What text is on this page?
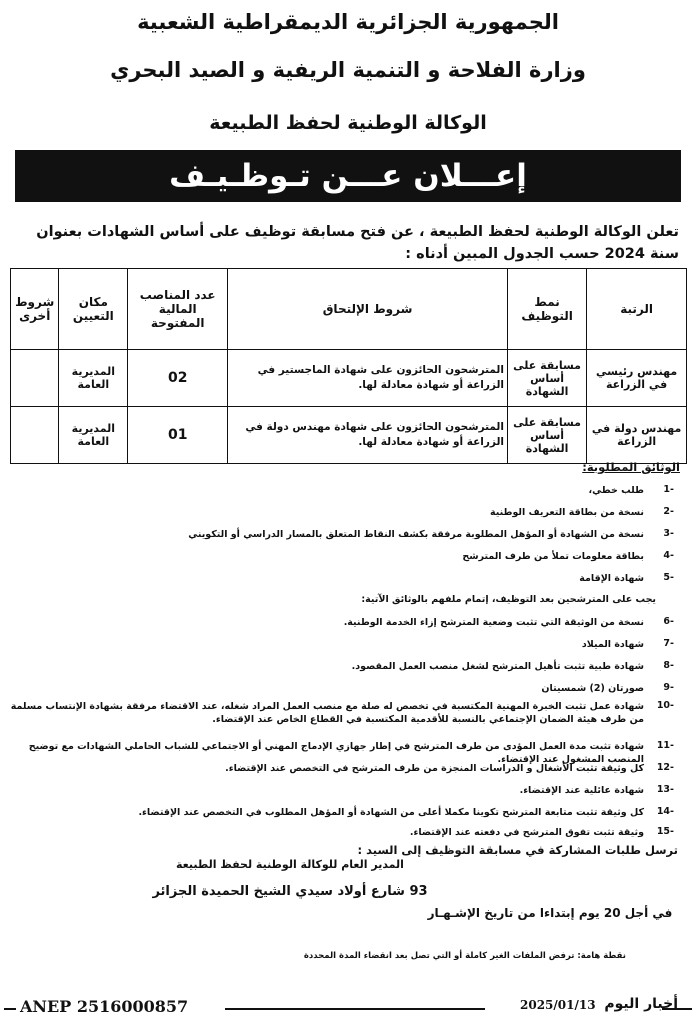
الجمهورية الجزائرية الديمقراطية الشعبية
وزارة الفلاحة و التنمية الريفية و الصيد البحري
الوكالة الوطنية لحفظ الطبيعة
إعـــلان عـــن تـوظـيـف
تعلن الوكالة الوطنية لحفظ الطبيعة ، عن فتح مسابقة توظيف على أساس الشهادات بعنوان سنة 2024 حسب الجدول المبين أدناه :
الرتبة	نمط التوظيف	شروط الإلتحاق	عدد المناصب المالية المفتوحة	مكان التعيين	شروط أخرى
مهندس رئيسي في الزراعة	مسابقة على أساس الشهادة	المترشحون الحائزون على شهادة الماجستير في الزراعة أو شهادة معادلة لها.	02	المديرية العامة	
مهندس دولة في الزراعة	مسابقة على أساس الشهادة	المترشحون الحائزون على شهادة مهندس دولة في الزراعة أو شهادة معادلة لها.	01	المديرية العامة	
الوثائق المطلوبة:
-1
طلب خطي،
-2
نسخة من بطاقة التعريف الوطنية
-3
نسخة من الشهادة أو المؤهل المطلوبة مرفقة بكشف النقاط المتعلق بالمسار الدراسي أو التكويني
-4
بطاقة معلومات تملأ من طرف المترشح
-5
شهادة الإقامة
-6
نسخة من الوثيقة التي تثبت وضعية المترشح إزاء الخدمة الوطنية.
-7
شهادة الميلاد
-8
شهادة طبية تثبت تأهيل المترشح لشغل منصب العمل المقصود.
-9
صورتان (2) شمسيتان
-10
شهادة عمل تثبت الخبرة المهنية المكتسبة في تخصص له صلة مع منصب العمل المراد شغله، عند الاقتضاء مرفقة بشهادة الإنتساب مسلمة من طرف هيئة الضمان الإجتماعي بالنسبة للأقدمية المكتسبة في القطاع الخاص عند الإقتضاء.
-11
شهادة تثبت مدة العمل المؤدى من طرف المترشح في إطار جهازي الإدماج المهني أو الاجتماعي للشباب الحاملي الشهادات مع توضيح المنصب المشغول عند الإقتضاء.
-12
كل وثيقة تثبت الأشغال و الدراسات المنجزة من طرف المترشح في التخصص عند الإقتضاء.
-13
شهادة عائلية عند الإقتضاء.
-14
كل وثيقة تثبت متابعة المترشح تكوينا مكملا أعلى من الشهادة أو المؤهل المطلوب في التخصص عند الإقتضاء.
-15
وثيقة تثبت تفوق المترشح في دفعته عند الإقتضاء.
يجب على المترشحين بعد التوظيف، إتمام ملفهم بالوثائق الآتية:
ترسل طلبات المشاركة في مسابقة التوظيف إلى السيد :
المدير العام للوكالة الوطنية لحفظ الطبيعة
93 شارع أولاد سيدي الشيخ الحميدة الجزائر
في أجل 20 يوم إبتداءا من تاريخ الإشـهـار
نقطة هامة: ترفض الملفات الغير كاملة أو التي تصل بعد انقضاء المدة المحددة
ANEP 2516000857	2025/01/13 أخبار اليوم
